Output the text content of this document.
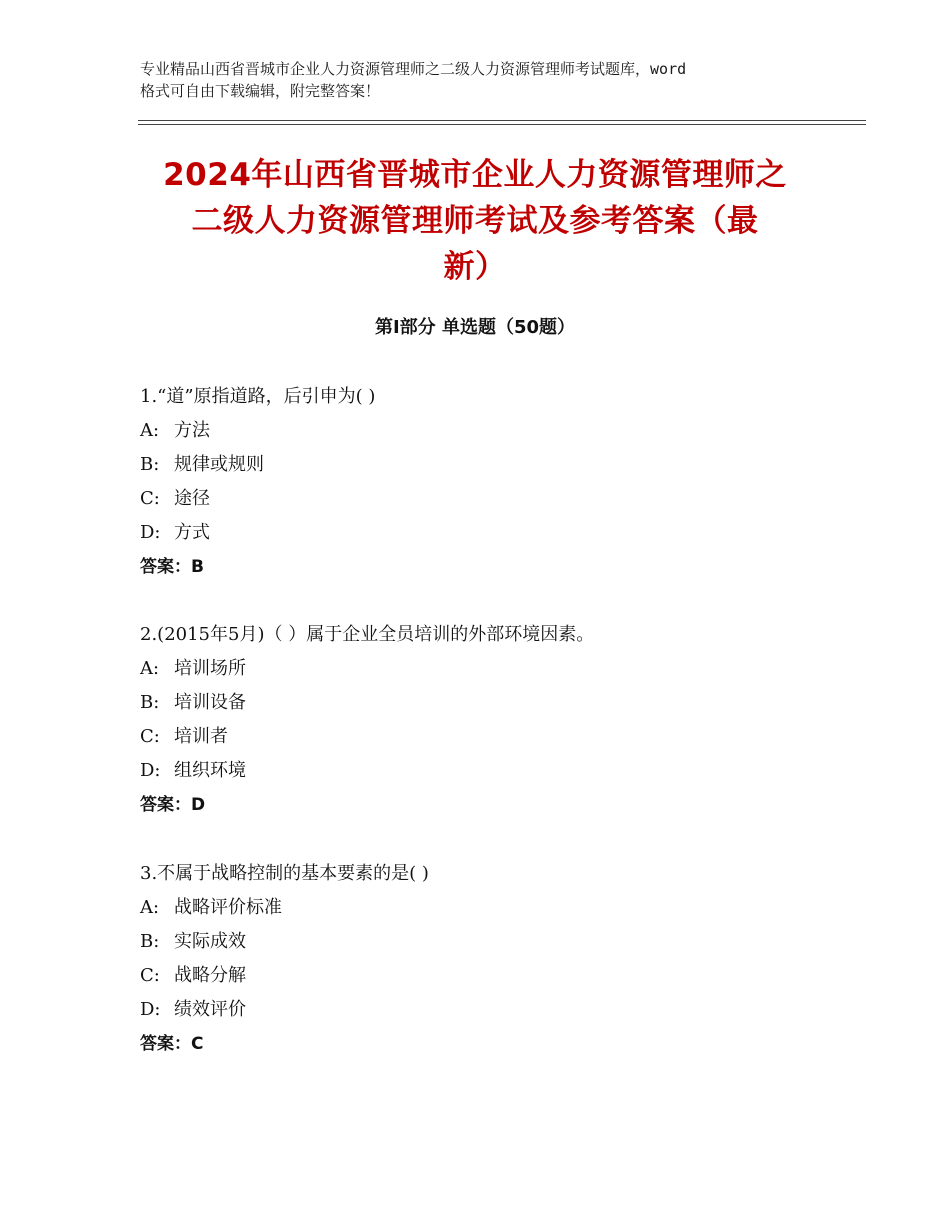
专业精品山西省晋城市企业人力资源管理师之二级人力资源管理师考试题库，word
格式可自由下载编辑，附完整答案！
2024年山西省晋城市企业人力资源管理师之
二级人力资源管理师考试及参考答案（最
新）
第Ⅰ部分 单选题（50题）
1.“道”原指道路，后引申为( )
A: 方法
B: 规律或规则
C: 途径
D: 方式
答案：B
2.(2015年5月)（ ）属于企业全员培训的外部环境因素。
A: 培训场所
B: 培训设备
C: 培训者
D: 组织环境
答案：D
3.不属于战略控制的基本要素的是( )
A: 战略评价标准
B: 实际成效
C: 战略分解
D: 绩效评价
答案：C
